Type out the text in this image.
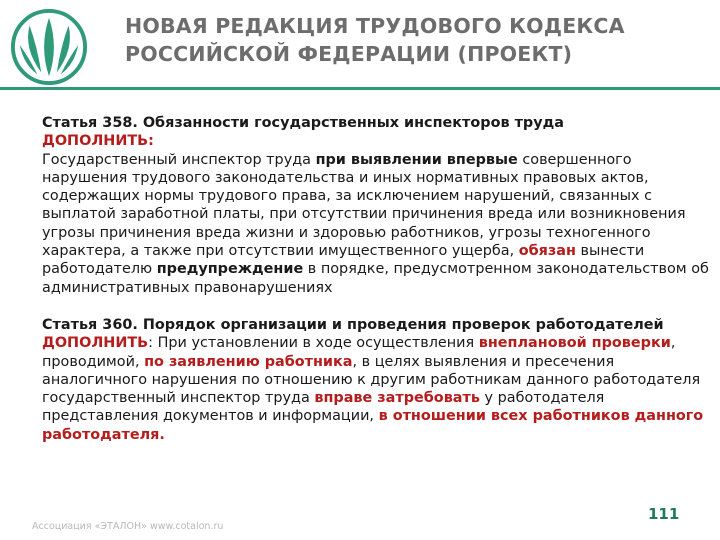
НОВАЯ РЕДАКЦИЯ ТРУДОВОГО КОДЕКСА
РОССИЙСКОЙ ФЕДЕРАЦИИ (ПРОЕКТ)

Статья 358. Обязанности государственных инспекторов труда

ДОПОЛНИТЬ:
Государственный инспектор труда при выявлении впервые совершенного нарушения трудового законодательства и иных нормативных правовых актов, содержащих нормы трудового права, за исключением нарушений, связанных с выплатой заработной платы, при отсутствии причинения вреда или возникновения угрозы причинения вреда жизни и здоровью работников, угрозы техногенного характера, а также при отсутствии имущественного ущерба, обязан вынести работодателю предупреждение в порядке, предусмотренном законодательством об административных правонарушениях

Статья 360. Порядок организации и проведения проверок работодателей

ДОПОЛНИТЬ: При установлении в ходе осуществления внеплановой проверки, проводимой, по заявлению работника, в целях выявления и пресечения аналогичного нарушения по отношению к другим работникам данного работодателя государственный инспектор труда вправе затребовать у работодателя представления документов и информации, в отношении всех работников данного работодателя.

Ассоциация «ЭТАЛОН» www.cotalon.ru
111
